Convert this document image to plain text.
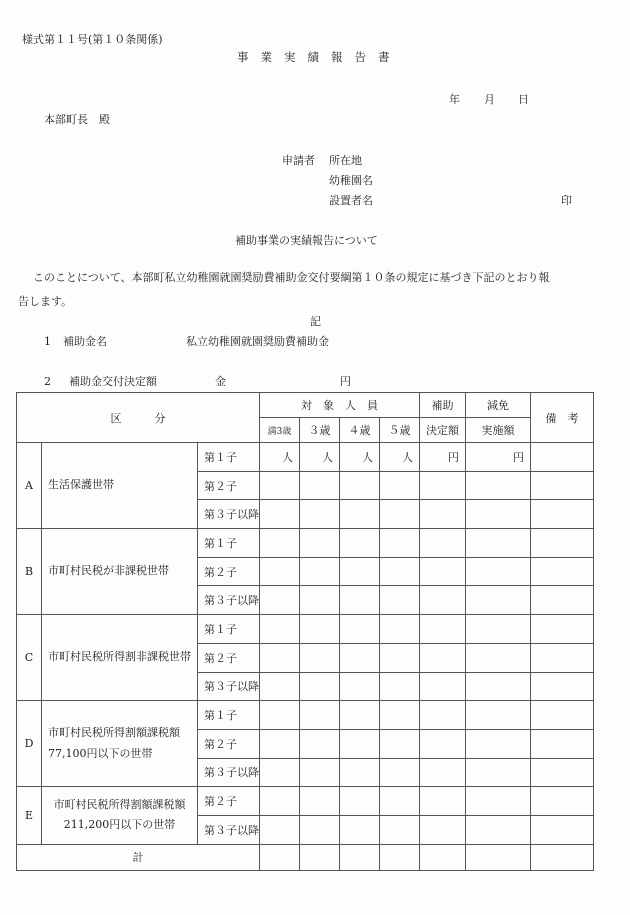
様式第１１号(第１０条関係)
事業実績報告書
年 月 日
本部町長　殿
申請者 所在地
幼稚園名
設置者名	印
補助事業の実績報告について
　このことについて、本部町私立幼稚園就園奨励費補助金交付要綱第１０条の規定に基づき下記のとおり報
告します。
記
1 補助金名	私立幼稚園就園奨励費補助金
2 補助金交付決定額	金	円
区　　　分			対　象　人　員				補助	減免	備　考
			満3歳	３歳	４歳	５歳	決定額	実施額	
A	生活保護世帯	第１子	人	人	人	人	円	円	
		第２子							
		第３子以降							
B	市町村民税が非課税世帯	第１子							
		第２子							
		第３子以降							
C	市町村民税所得割非課税世帯	第１子							
		第２子							
		第３子以降							
D	市町村民税所得割額課税額
77,100円以下の世帯	第１子							
		第２子							
		第３子以降							
E	市町村民税所得割額課税額
211,200円以下の世帯	第２子							
		第３子以降							
計									
